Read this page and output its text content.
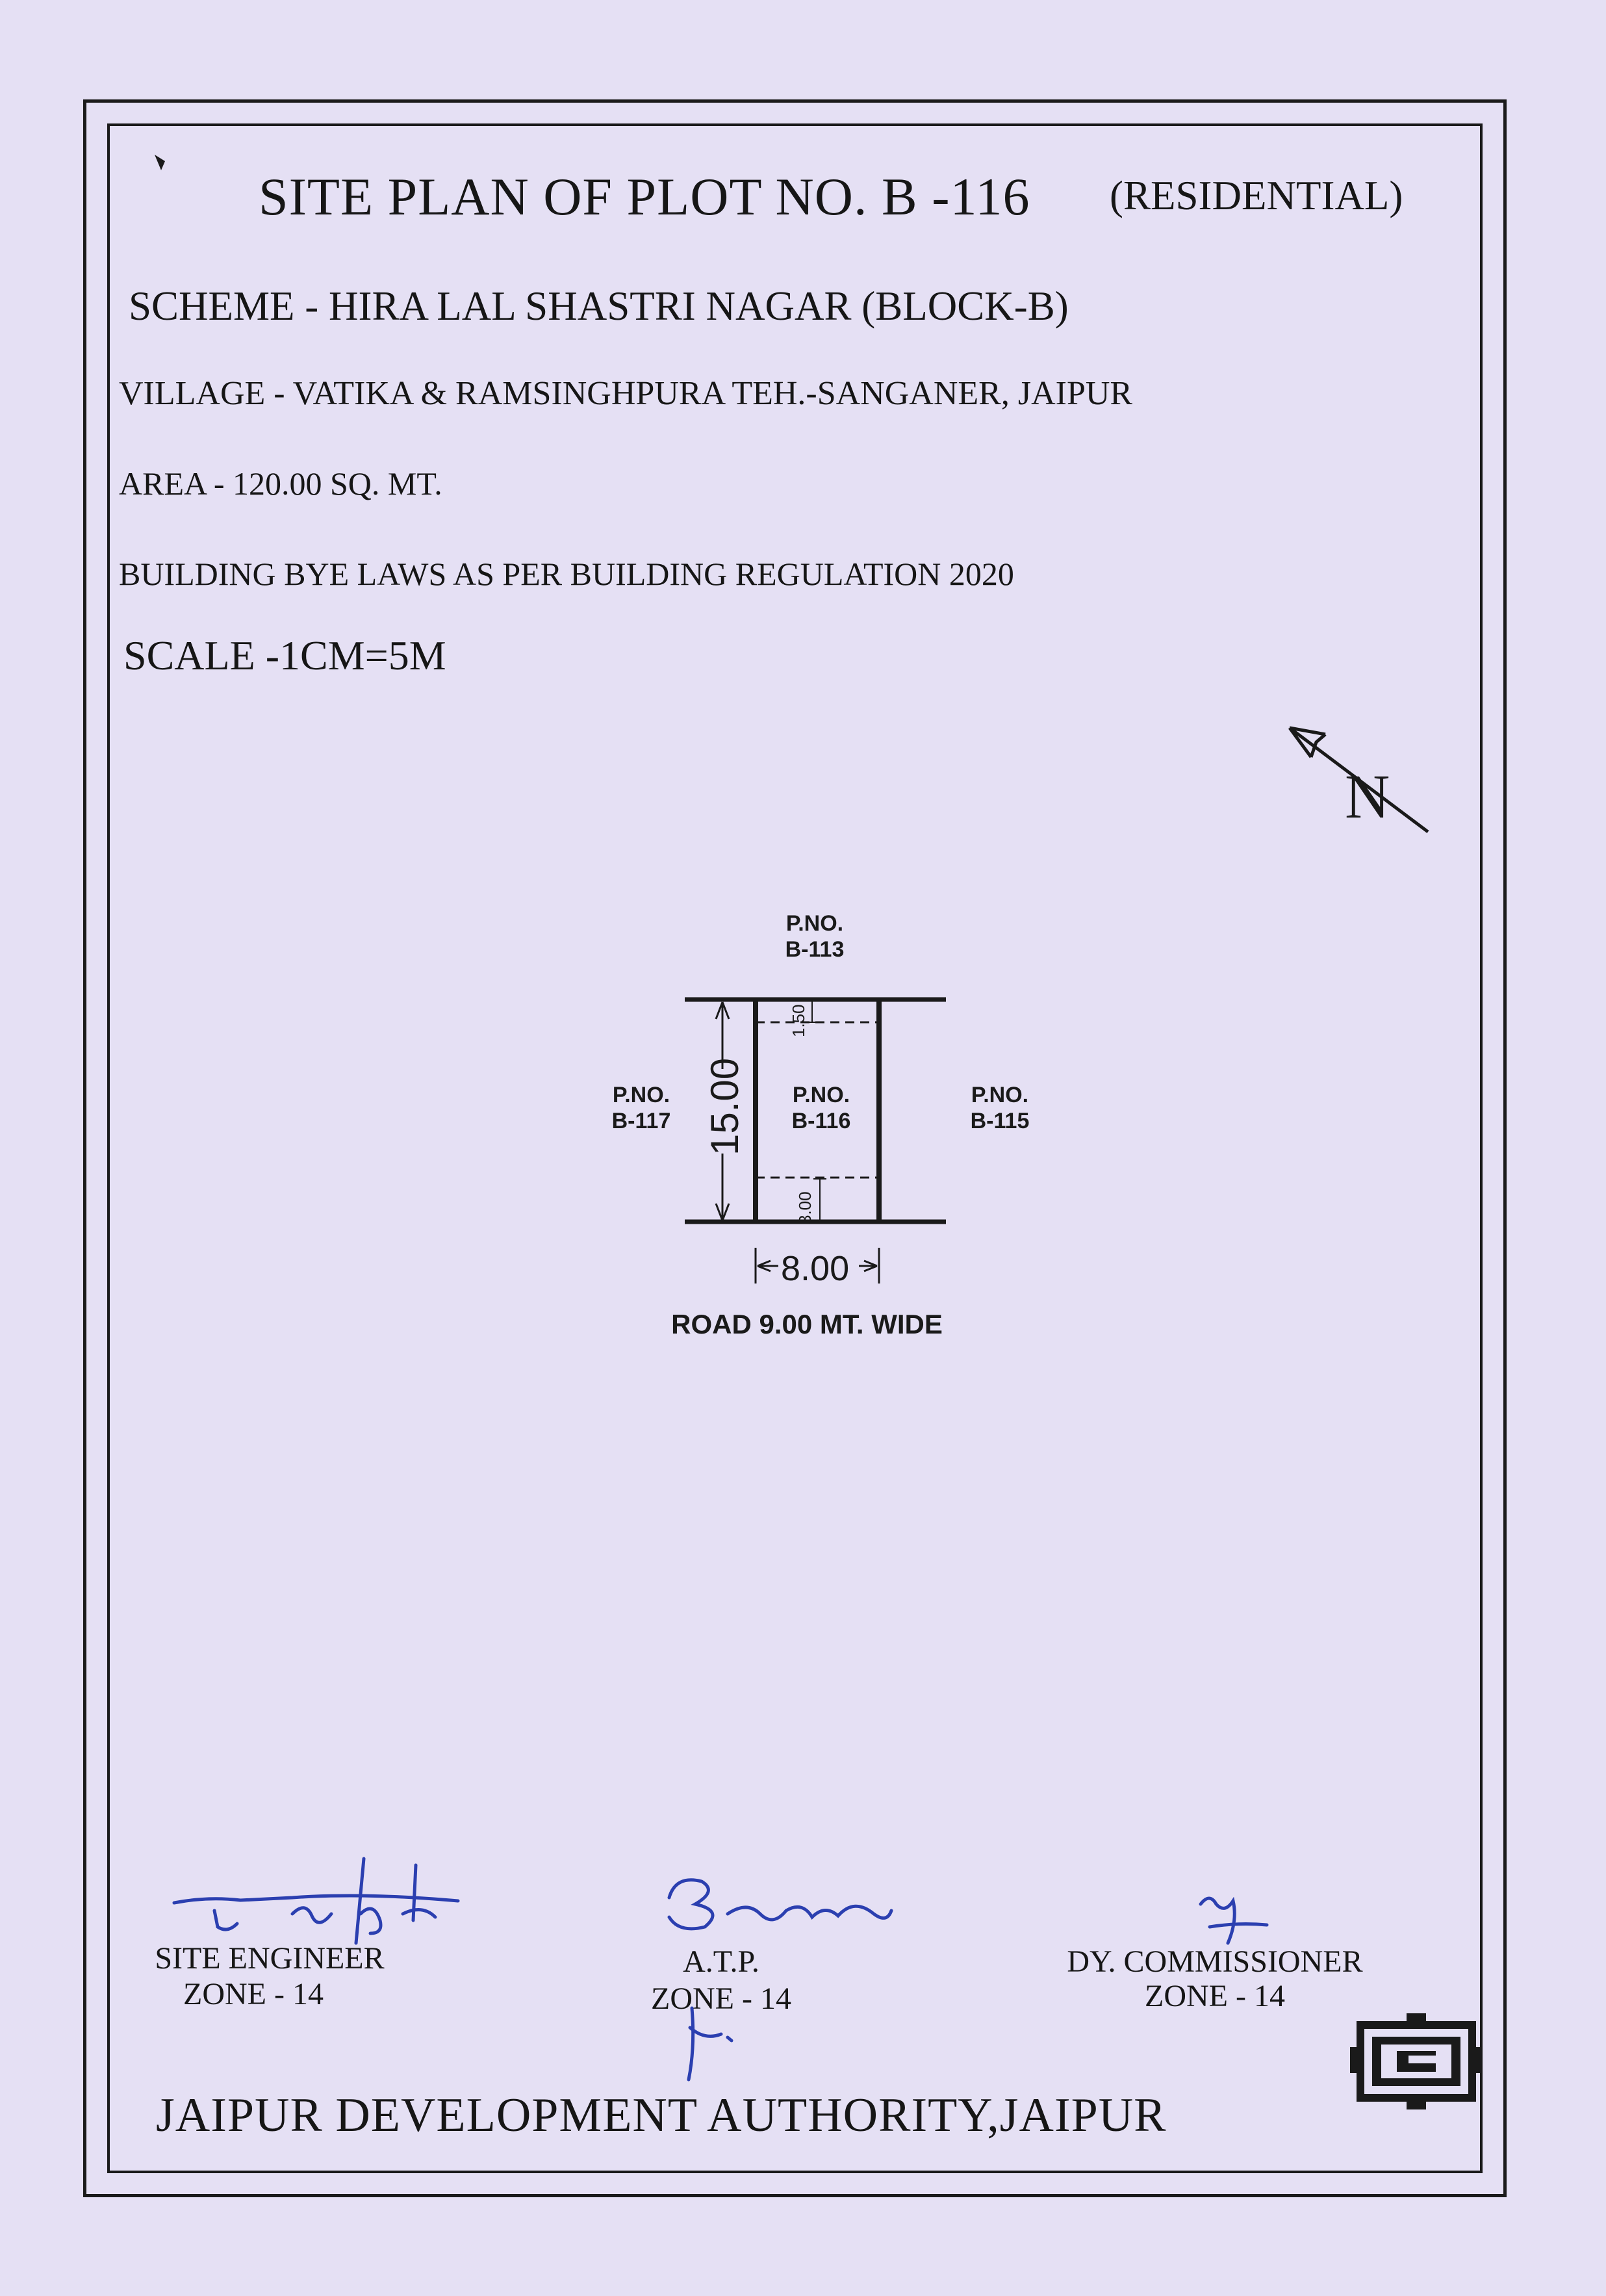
SITE PLAN OF PLOT NO. B -116 (RESIDENTIAL)
SCHEME - HIRA LAL SHASTRI NAGAR (BLOCK-B)
VILLAGE - VATIKA & RAMSINGHPURA TEH.-SANGANER, JAIPUR
AREA - 120.00 SQ. MT.
BUILDING BYE LAWS AS PER BUILDING REGULATION 2020
SCALE -1CM=5M
N
15.00
1.50
3.00
8.00
P.NO.
B-113
P.NO.
B-117
P.NO.
B-116
P.NO.
B-115
ROAD 9.00 MT. WIDE
SITE ENGINEER
ZONE - 14
A.T.P.
ZONE - 14
DY. COMMISSIONER
ZONE - 14
JAIPUR DEVELOPMENT AUTHORITY,JAIPUR
